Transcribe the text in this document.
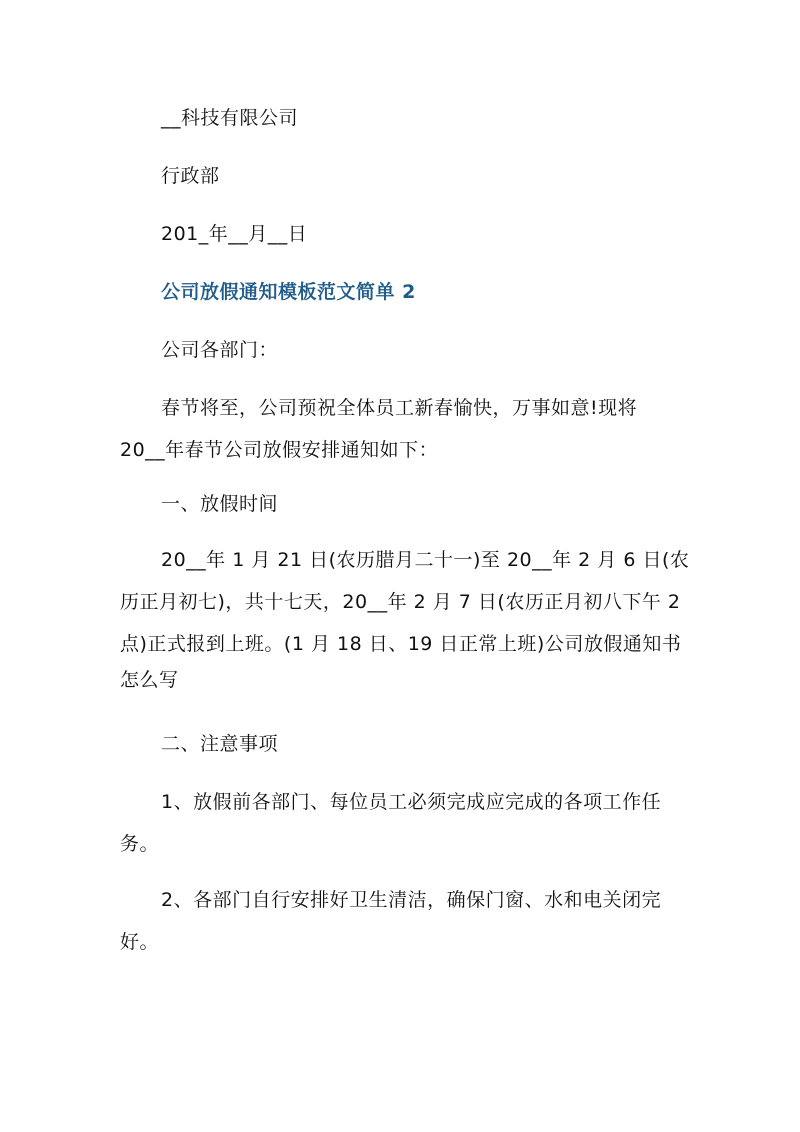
__科技有限公司
行政部
201_年__月__日
公司放假通知模板范文简单 2
公司各部门：
春节将至，公司预祝全体员工新春愉快，万事如意!现将
20__年春节公司放假安排通知如下：
一、放假时间
20__年 1 月 21 日(农历腊月二十一)至 20__年 2 月 6 日(农
历正月初七)，共十七天，20__年 2 月 7 日(农历正月初八下午 2
点)正式报到上班。(1 月 18 日、19 日正常上班)公司放假通知书
怎么写
二、注意事项
1、放假前各部门、每位员工必须完成应完成的各项工作任
务。
2、各部门自行安排好卫生清洁，确保门窗、水和电关闭完
好。
